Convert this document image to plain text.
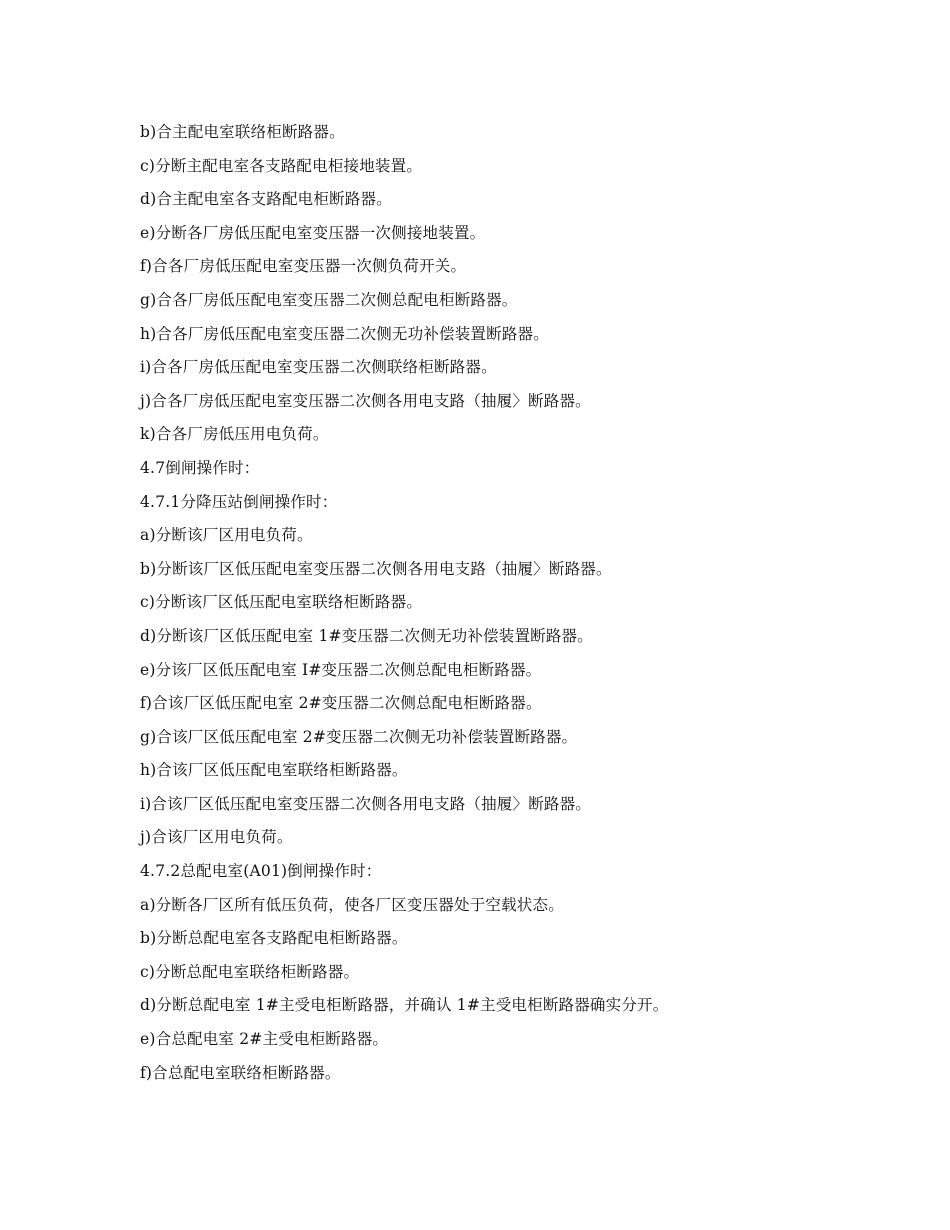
b)合主配电室联络柜断路器。
c)分断主配电室各支路配电柜接地装置。
d)合主配电室各支路配电柜断路器。
e)分断各厂房低压配电室变压器一次侧接地装置。
f)合各厂房低压配电室变压器一次侧负荷开关。
g)合各厂房低压配电室变压器二次侧总配电柜断路器。
h)合各厂房低压配电室变压器二次侧无功补偿装置断路器。
i)合各厂房低压配电室变压器二次侧联络柜断路器。
j)合各厂房低压配电室变压器二次侧各用电支路（抽履〉断路器。
k)合各厂房低压用电负荷。
4.7倒闸操作时：
4.7.1分降压站倒闸操作时：
a)分断该厂区用电负荷。
b)分断该厂区低压配电室变压器二次侧各用电支路（抽履〉断路器。
c)分断该厂区低压配电室联络柜断路器。
d)分断该厂区低压配电室 1#变压器二次侧无功补偿装置断路器。
e)分该厂区低压配电室 I#变压器二次侧总配电柜断路器。
f)合该厂区低压配电室 2#变压器二次侧总配电柜断路器。
g)合该厂区低压配电室 2#变压器二次侧无功补偿装置断路器。
h)合该厂区低压配电室联络柜断路器。
i)合该厂区低压配电室变压器二次侧各用电支路（抽履〉断路器。
j)合该厂区用电负荷。
4.7.2总配电室(A01)倒闸操作时：
a)分断各厂区所有低压负荷，使各厂区变压器处于空载状态。
b)分断总配电室各支路配电柜断路器。
c)分断总配电室联络柜断路器。
d)分断总配电室 1#主受电柜断路器，并确认 1#主受电柜断路器确实分开。
e)合总配电室 2#主受电柜断路器。
f)合总配电室联络柜断路器。
